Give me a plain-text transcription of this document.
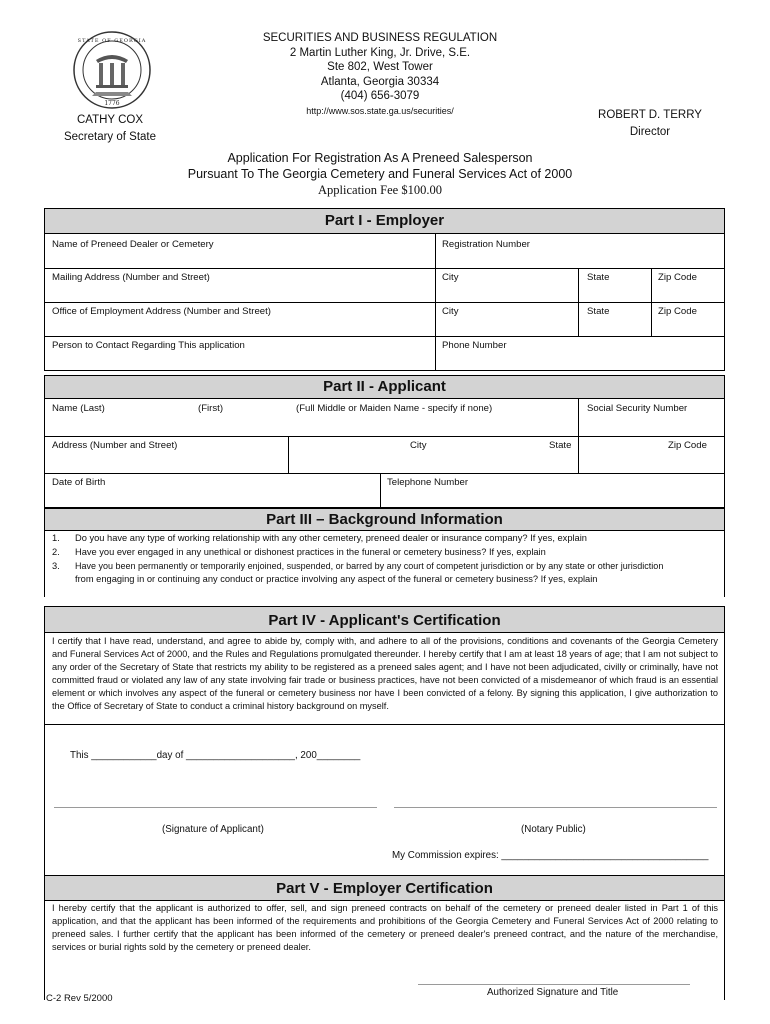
1776
STATE OF GEORGIA	SECURITIES AND BUSINESS REGULATION
2 Martin Luther King, Jr. Drive, S.E.
Ste 802, West Tower
Atlanta, Georgia 30334
(404) 656-3079
http://www.sos.state.ga.us/securities/
CATHY COX
Secretary of State
ROBERT D. TERRY
Director
Application For Registration As A Preneed Salesperson
Pursuant To The Georgia Cemetery and Funeral Services Act of 2000
Application Fee $100.00
Part I - Employer
Name of Preneed Dealer or Cemetery	Registration Number
Mailing Address (Number and Street)	City	State	Zip Code
Office of Employment Address (Number and Street)	City	State	Zip Code
Person to Contact Regarding This application	Phone Number
Part II - Applicant
Name (Last)	(First)	(Full Middle or Maiden Name - specify if none)	Social Security Number
Address (Number and Street)	City	State	Zip Code
Date of Birth	Telephone Number
Part III – Background Information
1. Do you have any type of working relationship with any other cemetery, preneed dealer or insurance company? If yes, explain
2. Have you ever engaged in any unethical or dishonest practices in the funeral or cemetery business? If yes, explain
3. Have you been permanently or temporarily enjoined, suspended, or barred by any court of competent jurisdiction or by any state or other jurisdiction
from engaging in or continuing any conduct or practice involving any aspect of the funeral or cemetery business? If yes, explain
Part IV - Applicant's Certification
I certify that I have read, understand, and agree to abide by, comply with, and adhere to all of the provisions, conditions and covenants of the Georgia Cemetery and Funeral Services Act of 2000, and the Rules and Regulations promulgated thereunder. I hereby certify that I am at least 18 years of age; that I am not subject to any order of the Secretary of State that restricts my ability to be registered as a preneed sales agent; and I have not been adjudicated, civilly or criminally, have not committed fraud or violated any law of any state involving fair trade or business practices, have not been convicted of a misdemeanor of which fraud is an essential element or which involves any aspect of the funeral or cemetery business nor have I been convicted of a felony. By signing this application, I give authorization to the Office of Secretary of State to conduct a criminal history background on myself.
This ____________day of ____________________, 200________
(Signature of Applicant)	(Notary Public)
My Commission expires: ______________________________________
Part V - Employer Certification
I hereby certify that the applicant is authorized to offer, sell, and sign preneed contracts on behalf of the cemetery or preneed dealer listed in Part 1 of this application, and that the applicant has been informed of the requirements and prohibitions of the Georgia Cemetery and Funeral Services Act of 2000 relating to preneed sales. I further certify that the applicant has been informed of the cemetery or preneed dealer's preneed contract, and the nature of the merchandise, services or burial rights sold by the cemetery or preneed dealer.
Authorized Signature and Title
C-2 Rev 5/2000
